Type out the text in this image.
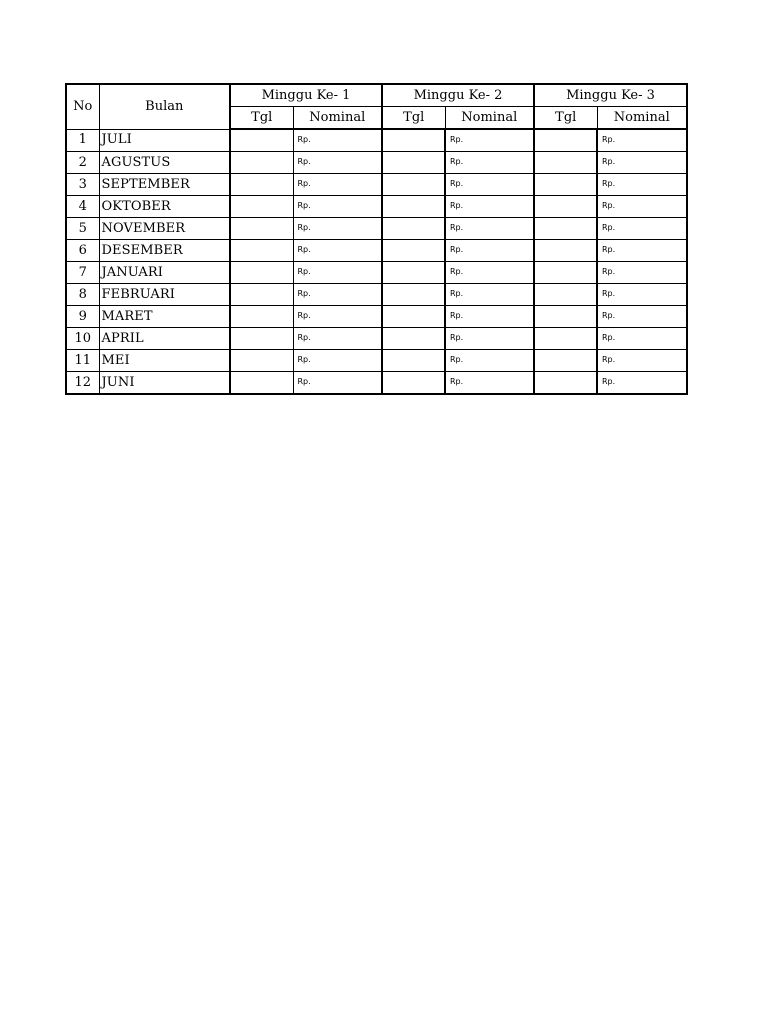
No	Bulan	Minggu Ke- 1		Minggu Ke- 2		Minggu Ke- 3	
		Tgl	Nominal	Tgl	Nominal	Tgl	Nominal
1	JULI		Rp.		Rp.		Rp.
2	AGUSTUS		Rp.		Rp.		Rp.
3	SEPTEMBER		Rp.		Rp.		Rp.
4	OKTOBER		Rp.		Rp.		Rp.
5	NOVEMBER		Rp.		Rp.		Rp.
6	DESEMBER		Rp.		Rp.		Rp.
7	JANUARI		Rp.		Rp.		Rp.
8	FEBRUARI		Rp.		Rp.		Rp.
9	MARET		Rp.		Rp.		Rp.
10	APRIL		Rp.		Rp.		Rp.
11	MEI		Rp.		Rp.		Rp.
12	JUNI		Rp.		Rp.		Rp.
